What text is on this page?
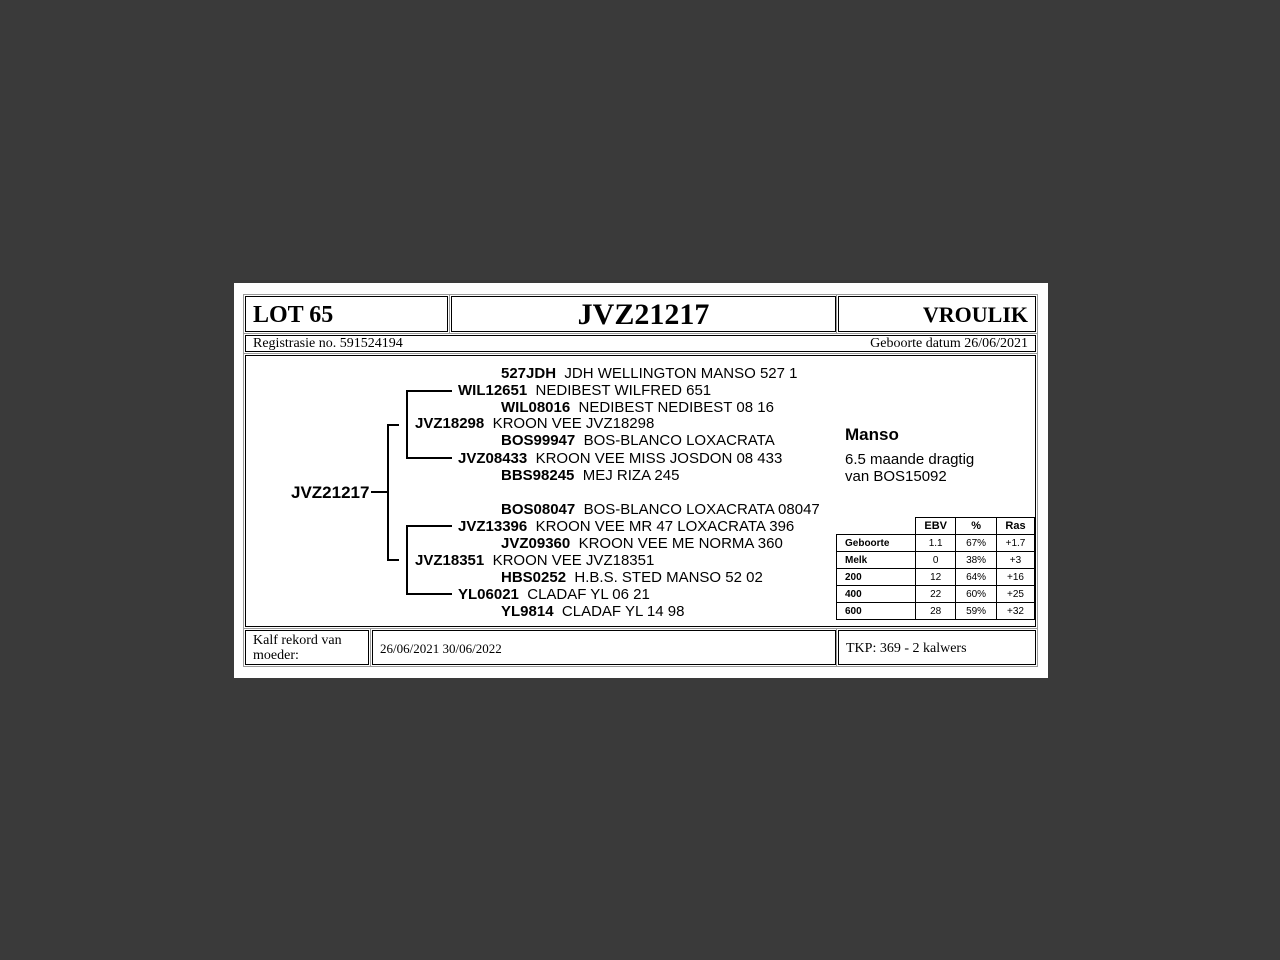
LOT 65	JVZ21217	VROULIK
Registrasie no. 591524194	Geboorte datum 26/06/2021
JVZ21217
527JDH JDH WELLINGTON MANSO 527 1
WIL12651 NEDIBEST WILFRED 651
WIL08016 NEDIBEST NEDIBEST 08 16
JVZ18298 KROON VEE JVZ18298
BOS99947 BOS-BLANCO LOXACRATA
JVZ08433 KROON VEE MISS JOSDON 08 433
BBS98245 MEJ RIZA 245
BOS08047 BOS-BLANCO LOXACRATA 08047
JVZ13396 KROON VEE MR 47 LOXACRATA 396
JVZ09360 KROON VEE ME NORMA 360
JVZ18351 KROON VEE JVZ18351
HBS0252 H.B.S. STED MANSO 52 02
YL06021 CLADAF YL 06 21
YL9814 CLADAF YL 14 98
Manso
6.5 maande dragtig
van BOS15092
	EBV	%	Ras
Geboorte	1.1	67%	+1.7
Melk	0	38%	+3
200	12	64%	+16
400	22	60%	+25
600	28	59%	+32
Kalf rekord van moeder:	26/06/2021 30/06/2022	TKP: 369 - 2 kalwers
